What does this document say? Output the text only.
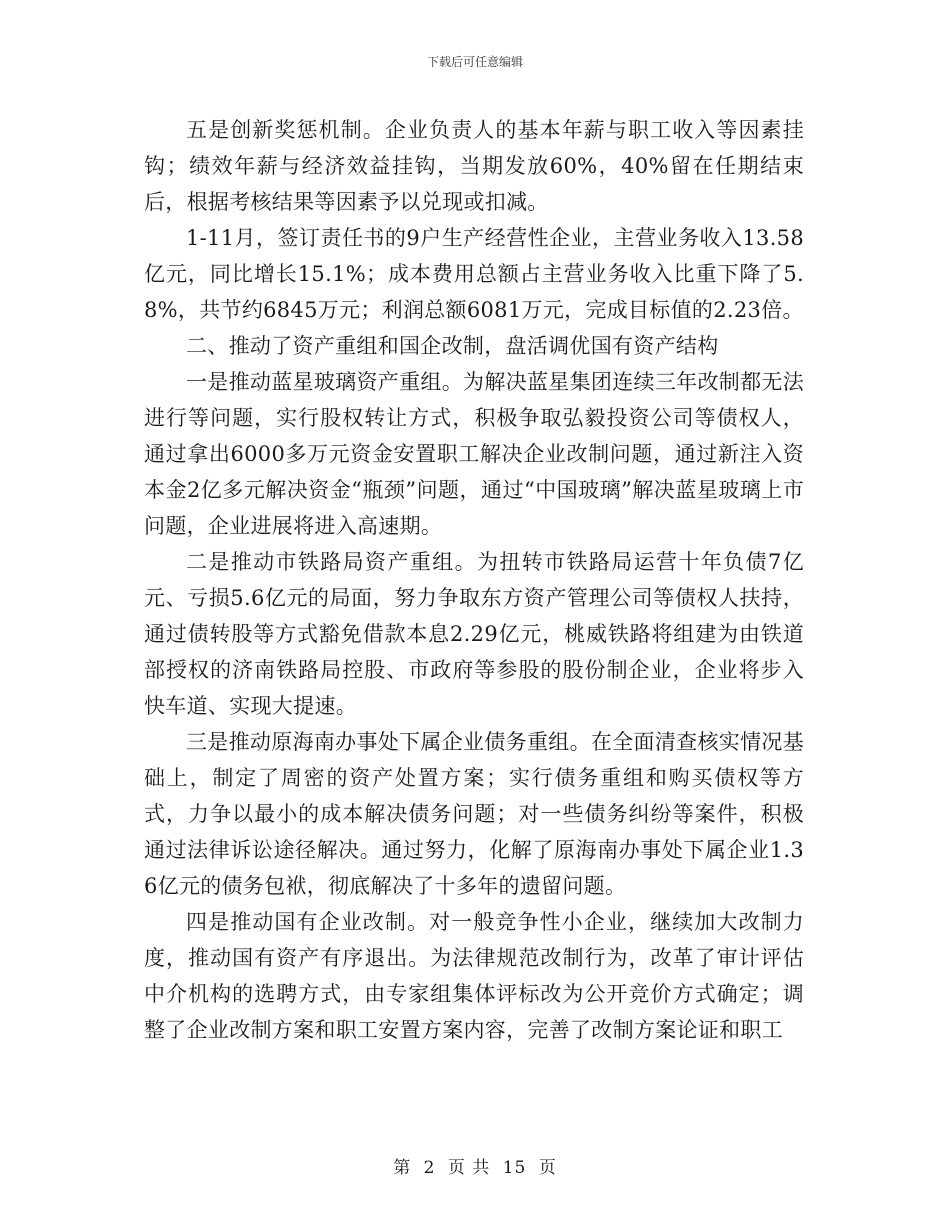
下载后可任意编辑

五是创新奖惩机制。企业负责人的基本年薪与职工收入等因素挂钩；绩效年薪与经济效益挂钩，当期发放60%，40%留在任期结束后，根据考核结果等因素予以兑现或扣减。

1-11月，签订责任书的9户生产经营性企业，主营业务收入13.58亿元，同比增长15.1%；成本费用总额占主营业务收入比重下降了5.8%，共节约6845万元；利润总额6081万元，完成目标值的2.23倍。

二、推动了资产重组和国企改制，盘活调优国有资产结构

一是推动蓝星玻璃资产重组。为解决蓝星集团连续三年改制都无法进行等问题，实行股权转让方式，积极争取弘毅投资公司等债权人，通过拿出6000多万元资金安置职工解决企业改制问题，通过新注入资本金2亿多元解决资金“瓶颈”问题，通过“中国玻璃”解决蓝星玻璃上市问题，企业进展将进入高速期。

二是推动市铁路局资产重组。为扭转市铁路局运营十年负债7亿元、亏损5.6亿元的局面，努力争取东方资产管理公司等债权人扶持，通过债转股等方式豁免借款本息2.29亿元，桃威铁路将组建为由铁道部授权的济南铁路局控股、市政府等参股的股份制企业，企业将步入快车道、实现大提速。

三是推动原海南办事处下属企业债务重组。在全面清查核实情况基础上，制定了周密的资产处置方案；实行债务重组和购买债权等方式，力争以最小的成本解决债务问题；对一些债务纠纷等案件，积极通过法律诉讼途径解决。通过努力，化解了原海南办事处下属企业1.36亿元的债务包袱，彻底解决了十多年的遗留问题。

四是推动国有企业改制。对一般竞争性小企业，继续加大改制力度，推动国有资产有序退出。为法律规范改制行为，改革了审计评估中介机构的选聘方式，由专家组集体评标改为公开竞价方式确定；调整了企业改制方案和职工安置方案内容，完善了改制方案论证和职工

第 2 页 共 15 页
